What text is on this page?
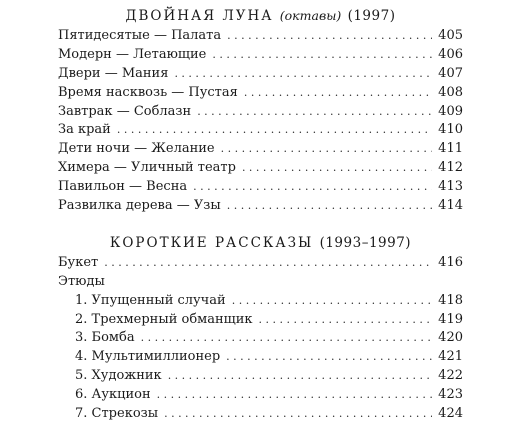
ДВОЙНАЯ ЛУНА (октавы) (1997)
Пятидесятые — Палата . . .	405
Модерн — Летающие . . .	406
Двери — Мания . . .	407
Время насквозь — Пустая . . .	408
Завтрак — Соблазн . . .	409
За край . . .	410
Дети ночи — Желание . . .	411
Химера — Уличный театр . . .	412
Павильон — Весна . . .	413
Развилка дерева — Узы . . .	414
КОРОТКИЕ РАССКАЗЫ (1993–1997)
Букет . . .	416
Этюды
1. Упущенный случай . . .	418
2. Трехмерный обманщик . . .	419
3. Бомба . . .	420
4. Мультимиллионер . . .	421
5. Художник . . .	422
6. Аукцион . . .	423
7. Стрекозы . . .	424
